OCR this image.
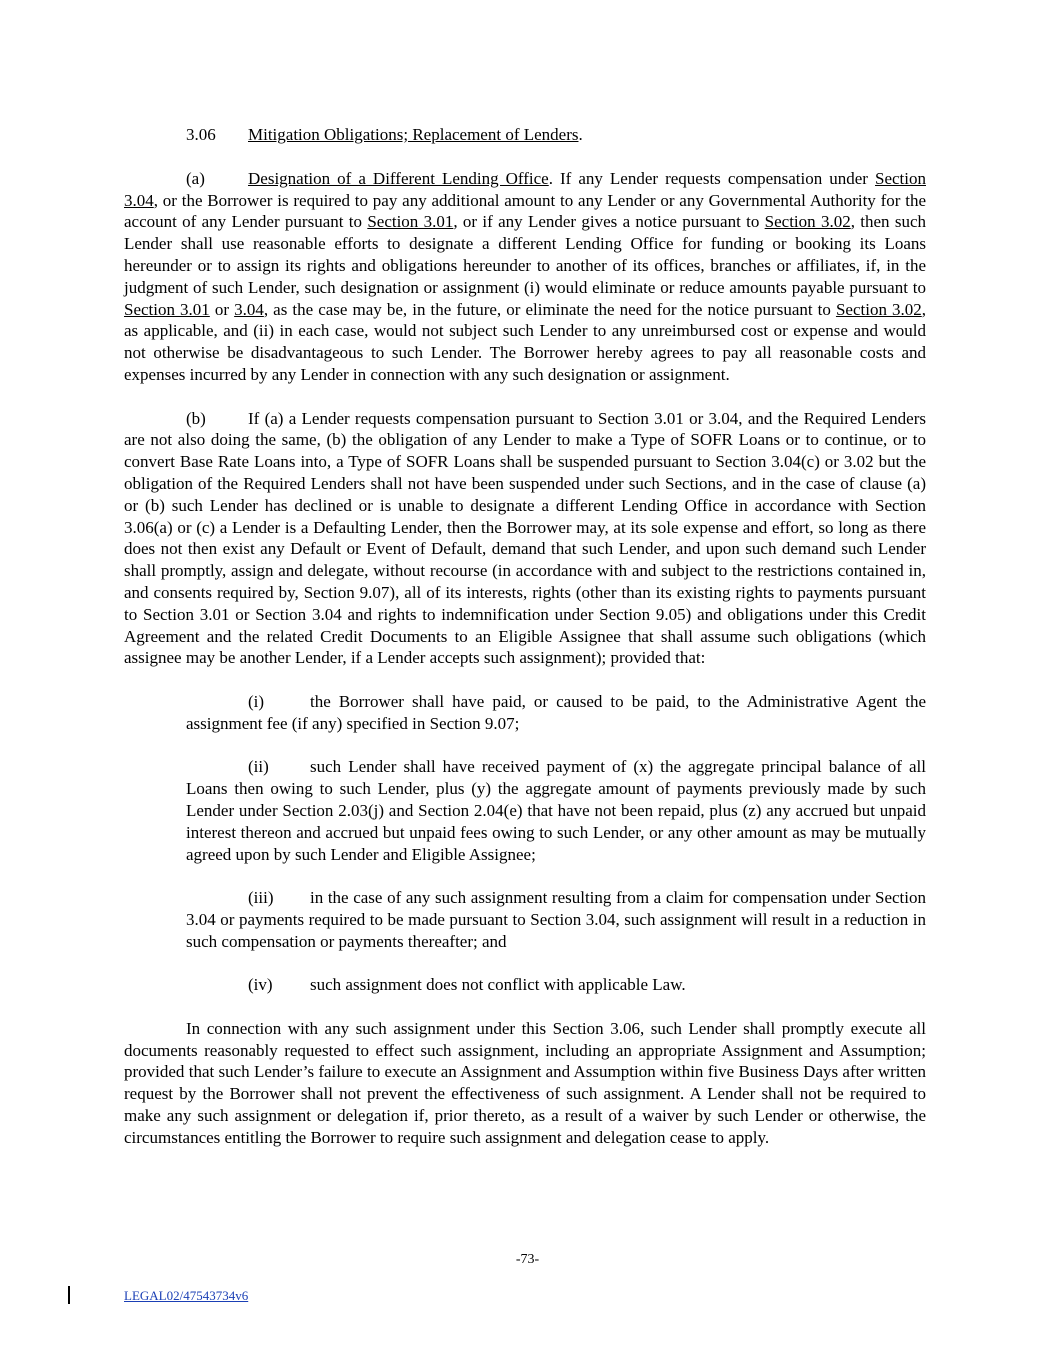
3.06 Mitigation Obligations; Replacement of Lenders.

(a)	Designation of a Different Lending Office. If any Lender requests compensation under Section 3.04, or the Borrower is required to pay any additional amount to any Lender or any Governmental Authority for the account of any Lender pursuant to Section 3.01, or if any Lender gives a notice pursuant to Section 3.02, then such Lender shall use reasonable efforts to designate a different Lending Office for funding or booking its Loans hereunder or to assign its rights and obligations hereunder to another of its offices, branches or affiliates, if, in the judgment of such Lender, such designation or assignment (i) would eliminate or reduce amounts payable pursuant to Section 3.01 or 3.04, as the case may be, in the future, or eliminate the need for the notice pursuant to Section 3.02, as applicable, and (ii) in each case, would not subject such Lender to any unreimbursed cost or expense and would not otherwise be disadvantageous to such Lender. The Borrower hereby agrees to pay all reasonable costs and expenses incurred by any Lender in connection with any such designation or assignment.

(b) If (a) a Lender requests compensation pursuant to Section 3.01 or 3.04, and the Required Lenders are not also doing the same, (b) the obligation of any Lender to make a Type of SOFR Loans or to continue, or to convert Base Rate Loans into, a Type of SOFR Loans shall be suspended pursuant to Section 3.04(c) or 3.02 but the obligation of the Required Lenders shall not have been suspended under such Sections, and in the case of clause (a) or (b) such Lender has declined or is unable to designate a different Lending Office in accordance with Section 3.06(a) or (c) a Lender is a Defaulting Lender, then the Borrower may, at its sole expense and effort, so long as there does not then exist any Default or Event of Default, demand that such Lender, and upon such demand such Lender shall promptly, assign and delegate, without recourse (in accordance with and subject to the restrictions contained in, and consents required by, Section 9.07), all of its interests, rights (other than its existing rights to payments pursuant to Section 3.01 or Section 3.04 and rights to indemnification under Section 9.05) and obligations under this Credit Agreement and the related Credit Documents to an Eligible Assignee that shall assume such obligations (which assignee may be another Lender, if a Lender accepts such assignment); provided that:

(i)	the Borrower shall have paid, or caused to be paid, to the Administrative Agent the assignment fee (if any) specified in Section 9.07;

(ii) such Lender shall have received payment of (x) the aggregate principal balance of all Loans then owing to such Lender, plus (y) the aggregate amount of payments previously made by such Lender under Section 2.03(j) and Section 2.04(e) that have not been repaid, plus (z) any accrued but unpaid interest thereon and accrued but unpaid fees owing to such Lender, or any other amount as may be mutually agreed upon by such Lender and Eligible Assignee;

(iii) in the case of any such assignment resulting from a claim for compensation under Section 3.04 or payments required to be made pursuant to Section 3.04, such assignment will result in a reduction in such compensation or payments thereafter; and

(iv) such assignment does not conflict with applicable Law.

In connection with any such assignment under this Section 3.06, such Lender shall promptly execute all documents reasonably requested to effect such assignment, including an appropriate Assignment and Assumption; provided that such Lender’s failure to execute an Assignment and Assumption within five Business Days after written request by the Borrower shall not prevent the effectiveness of such assignment. A Lender shall not be required to make any such assignment or delegation if, prior thereto, as a result of a waiver by such Lender or otherwise, the circumstances entitling the Borrower to require such assignment and delegation cease to apply.

-73-
LEGAL02/47543734v6
